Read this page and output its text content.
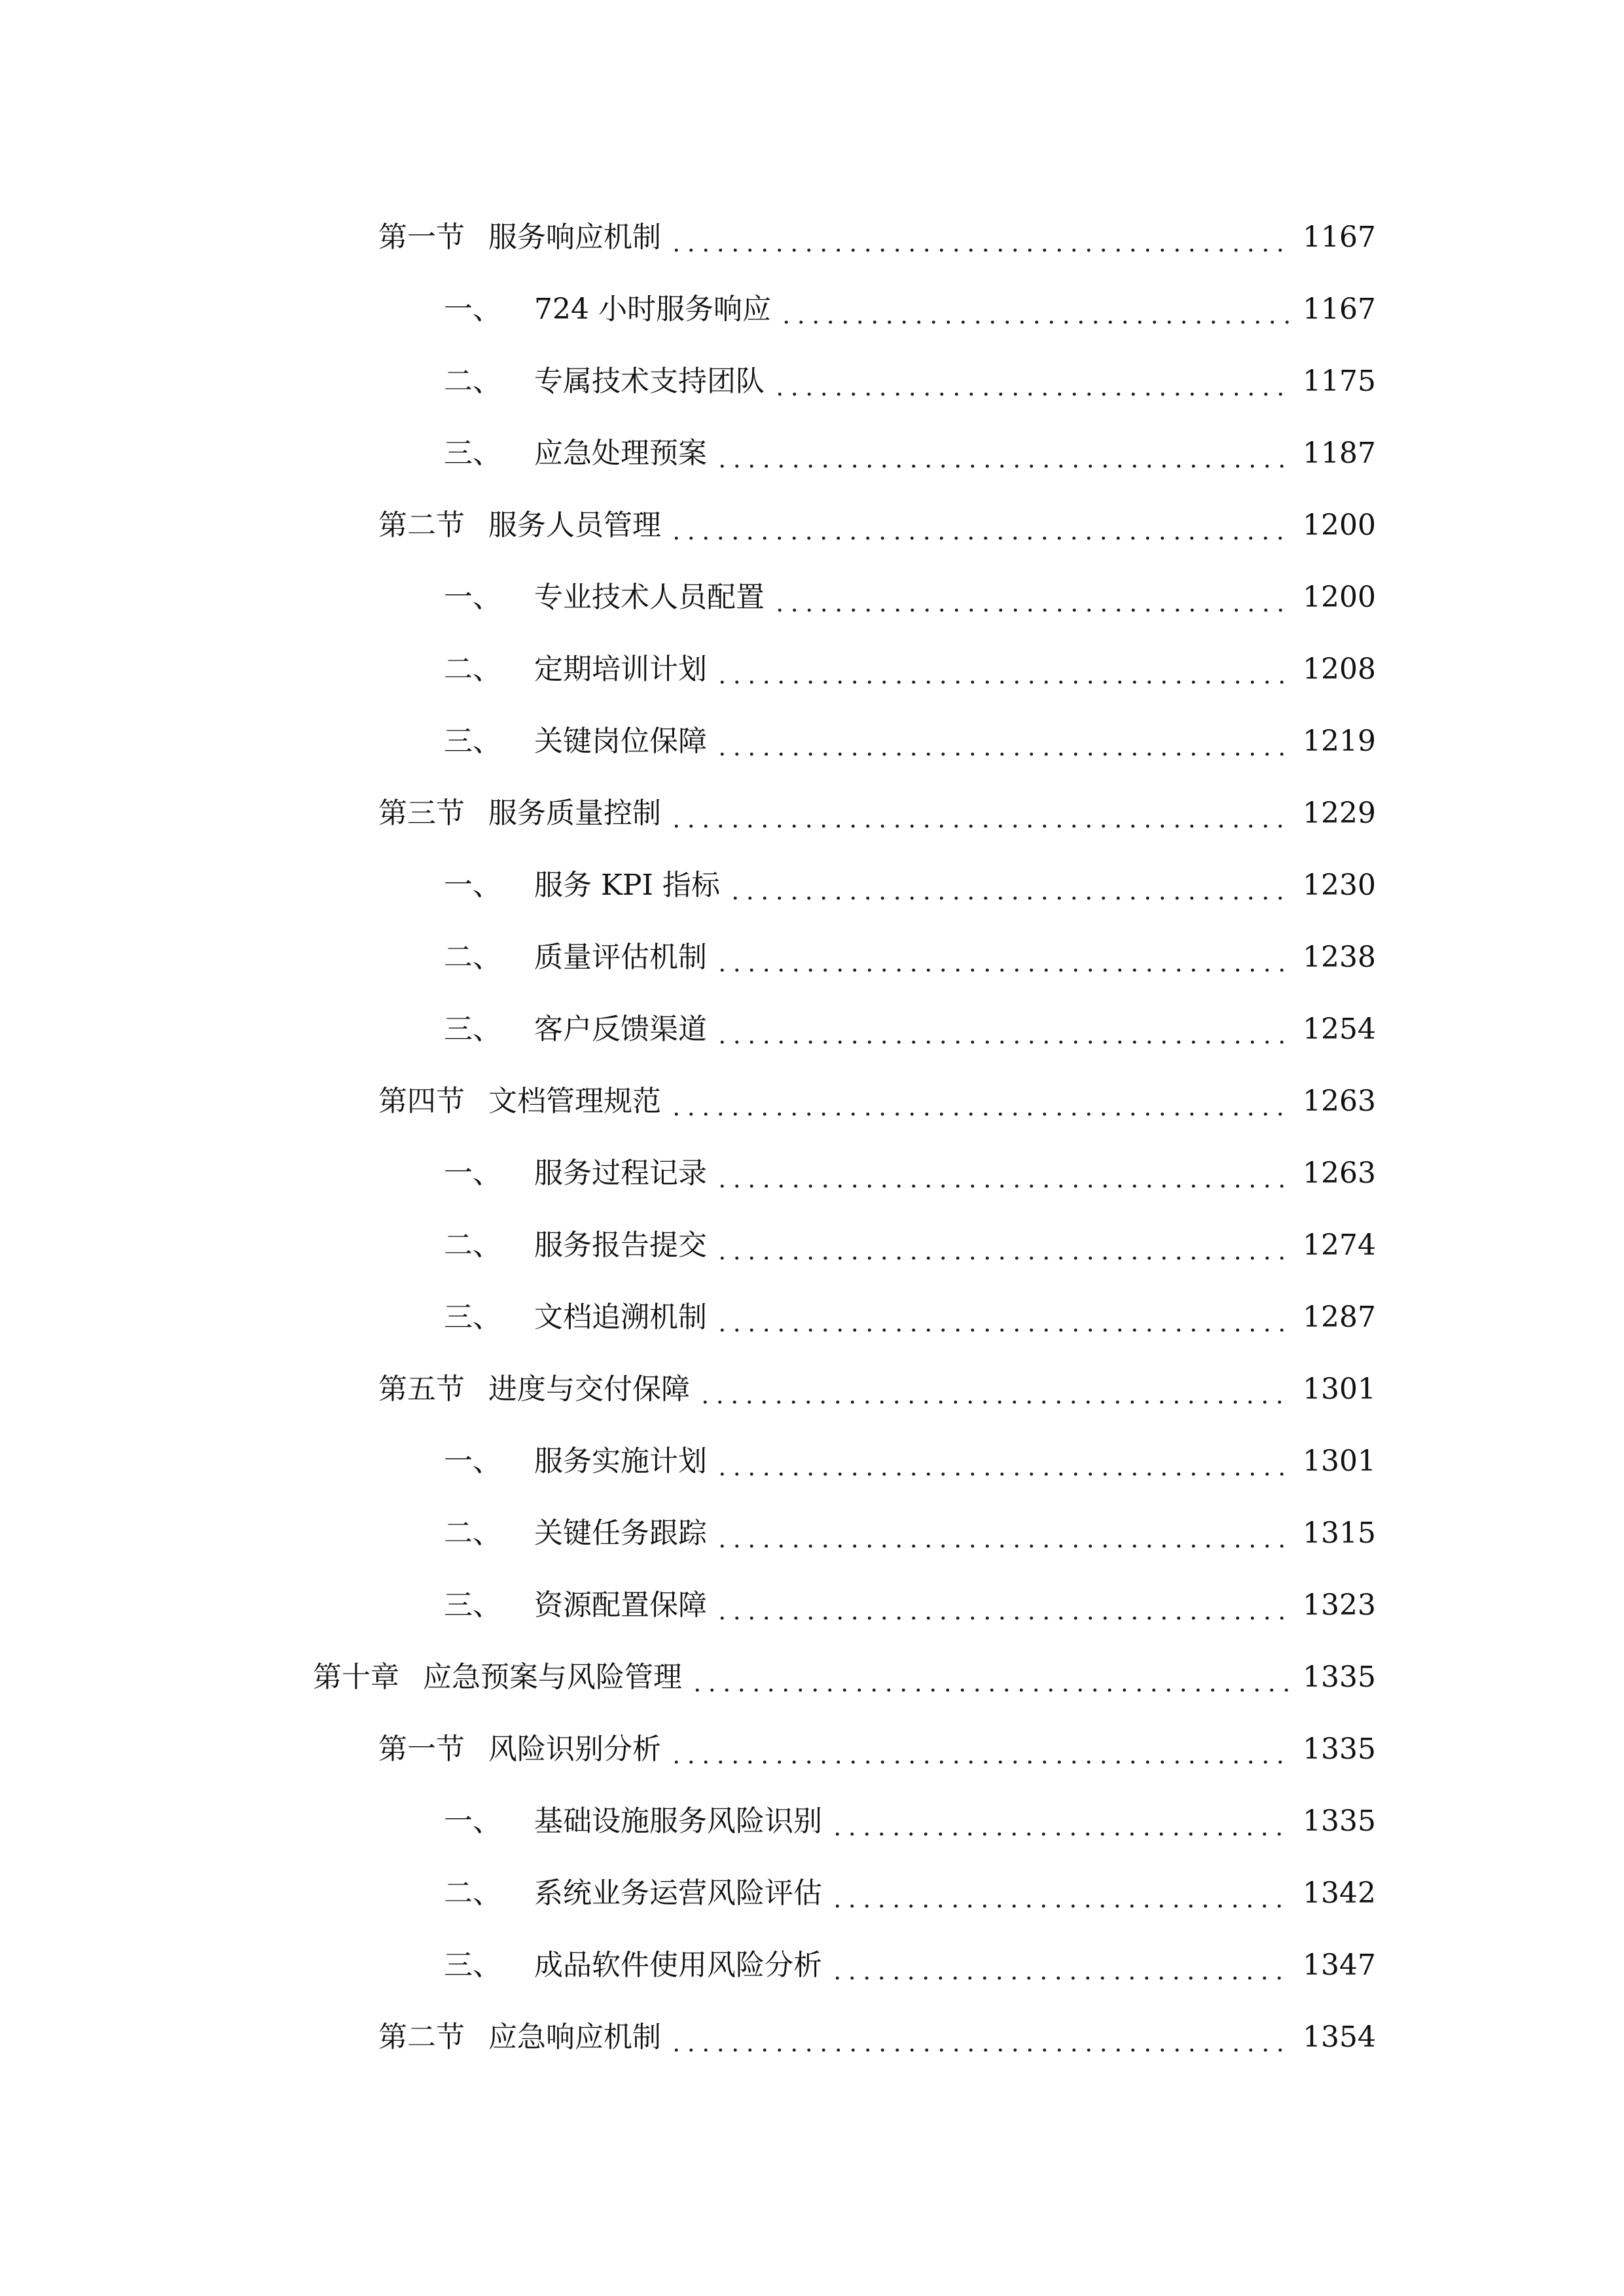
第一节 服务响应机制	1167
一、 724 小时服务响应	1167
二、 专属技术支持团队	1175
三、 应急处理预案	1187
第二节 服务人员管理	1200
一、 专业技术人员配置	1200
二、 定期培训计划	1208
三、 关键岗位保障	1219
第三节 服务质量控制	1229
一、 服务 KPI 指标	1230
二、 质量评估机制	1238
三、 客户反馈渠道	1254
第四节 文档管理规范	1263
一、 服务过程记录	1263
二、 服务报告提交	1274
三、 文档追溯机制	1287
第五节 进度与交付保障	1301
一、 服务实施计划	1301
二、 关键任务跟踪	1315
三、 资源配置保障	1323
第十章 应急预案与风险管理	1335
第一节 风险识别分析	1335
一、 基础设施服务风险识别	1335
二、 系统业务运营风险评估	1342
三、 成品软件使用风险分析	1347
第二节 应急响应机制	1354
